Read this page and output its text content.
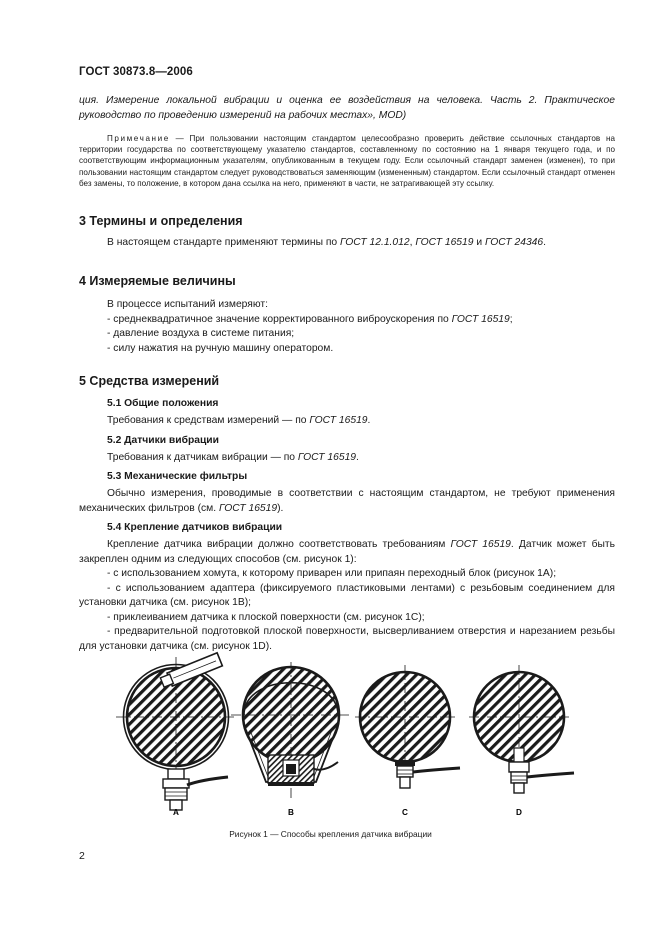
ГОСТ 30873.8—2006

ция. Измерение локальной вибрации и оценка ее воздействия на человека. Часть 2. Практическое руководство по проведению измерений на рабочих местах», MOD)

Примечание — При пользовании настоящим стандартом целесообразно проверить действие ссылочных стандартов на территории государства по соответствующему указателю стандартов, составленному по состоянию на 1 января текущего года, и по соответствующим информационным указателям, опубликованным в текущем году. Если ссылочный стандарт заменен (изменен), то при пользовании настоящим стандартом следует руководствоваться заменяющим (измененным) стандартом. Если ссылочный стандарт отменен без замены, то положение, в котором дана ссылка на него, применяют в части, не затрагивающей эту ссылку.

3 Термины и определения

В настоящем стандарте применяют термины по ГОСТ 12.1.012, ГОСТ 16519 и ГОСТ 24346.

4 Измеряемые величины

В процессе испытаний измеряют:

- среднеквадратичное значение корректированного виброускорения по ГОСТ 16519;

- давление воздуха в системе питания;

- силу нажатия на ручную машину оператором.

5 Средства измерений
5.1 Общие положения

Требования к средствам измерений — по ГОСТ 16519.

5.2 Датчики вибрации

Требования к датчикам вибрации — по ГОСТ 16519.

5.3 Механические фильтры

Обычно измерения, проводимые в соответствии с настоящим стандартом, не требуют применения механических фильтров (см. ГОСТ 16519).

5.4 Крепление датчиков вибрации

Крепление датчика вибрации должно соответствовать требованиям ГОСТ 16519. Датчик может быть закреплен одним из следующих способов (см. рисунок 1):

- с использованием хомута, к которому приварен или припаян переходный блок (рисунок 1А);

- с использованием адаптера (фиксируемого пластиковыми лентами) с резьбовым соединением для установки датчика (см. рисунок 1В);

- приклеиванием датчика к плоской поверхности (см. рисунок 1С);

- предварительной подготовкой плоской поверхности, высверливанием отверстия и нарезанием резьбы для установки датчика (см. рисунок 1D).

A	B	C	D
Рисунок 1 — Способы крепления датчика вибрации
2
